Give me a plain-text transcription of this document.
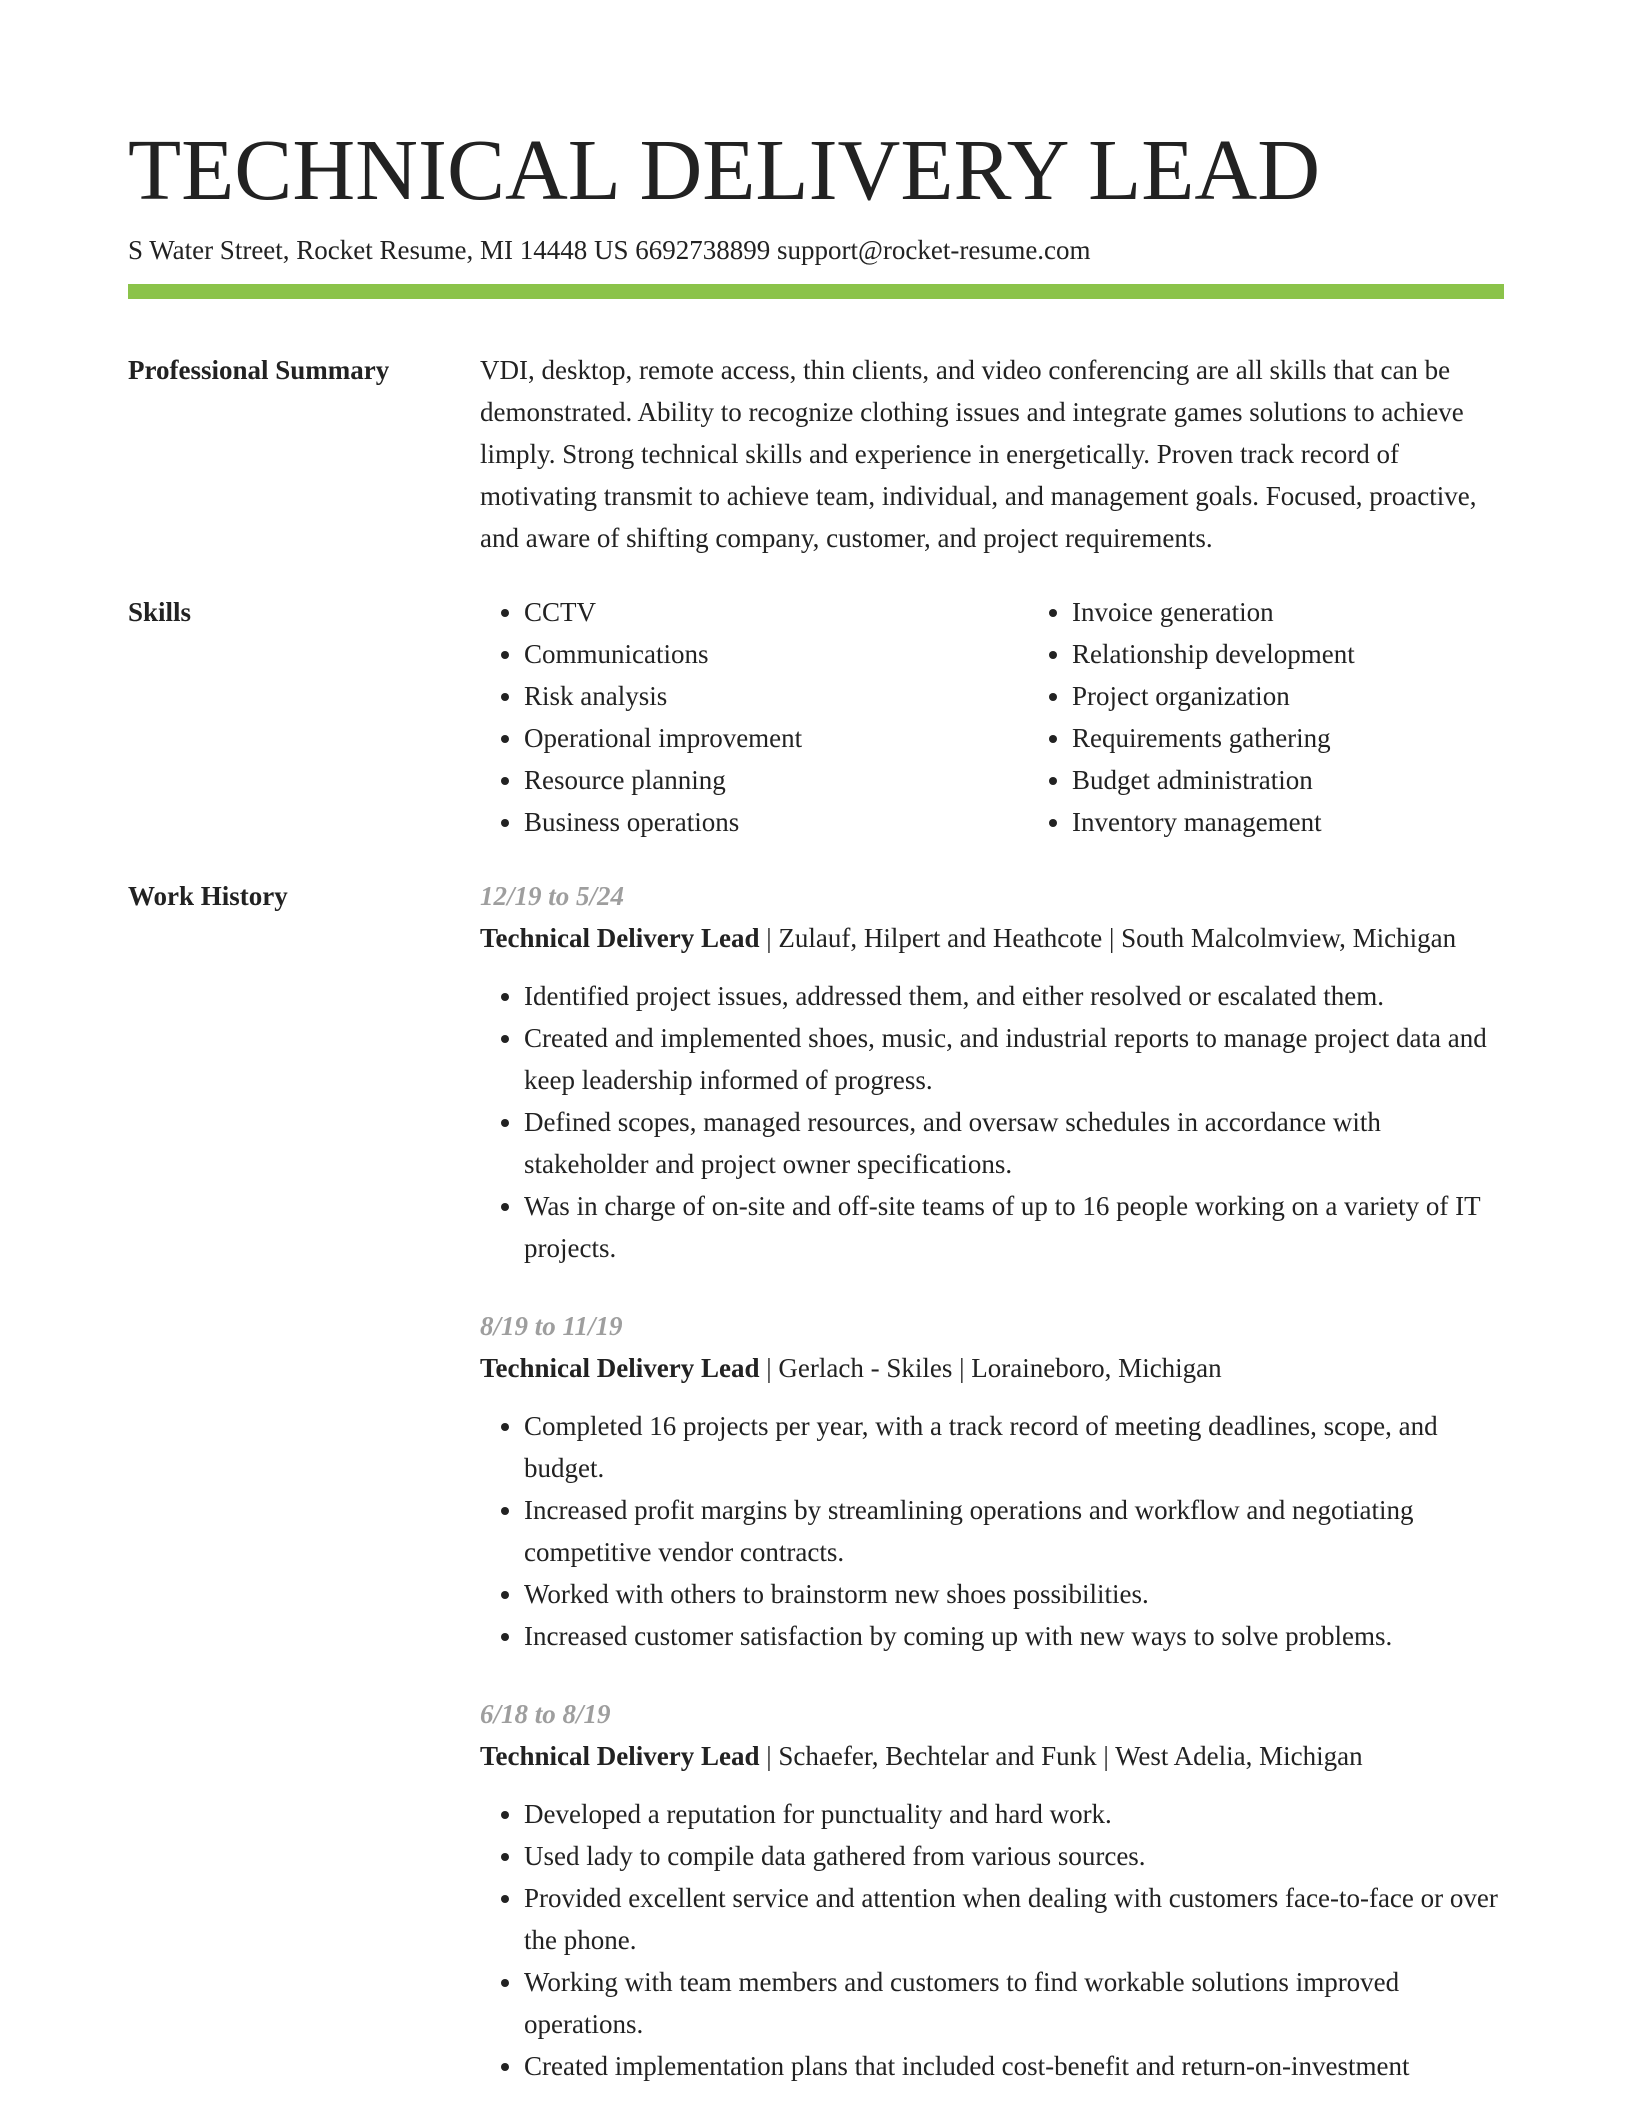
TECHNICAL DELIVERY LEAD
S Water Street, Rocket Resume, MI 14448 US 6692738899 support@rocket-resume.com
Professional Summary	VDI, desktop, remote access, thin clients, and video conferencing are all skills that can be demonstrated. Ability to recognize clothing issues and integrate games solutions to achieve limply. Strong technical skills and experience in energetically. Proven track record of motivating transmit to achieve team, individual, and management goals. Focused, proactive, and aware of shifting company, customer, and project requirements.
Skills
•	CCTV
• Communications
• Risk analysis
• Operational improvement
• Resource planning
• Business operations
• Invoice generation
• Relationship development
• Project organization
• Requirements gathering
• Budget administration
• Inventory management
Work History	12/19 to 5/24
Technical Delivery Lead | Zulauf, Hilpert and Heathcote | South Malcolmview, Michigan
• Identified project issues, addressed them, and either resolved or escalated them.
• Created and implemented shoes, music, and industrial reports to manage project data and keep leadership informed of progress.
• Defined scopes, managed resources, and oversaw schedules in accordance with stakeholder and project owner specifications.
• Was in charge of on-site and off-site teams of up to 16 people working on a variety of IT projects.
8/19 to 11/19
Technical Delivery Lead | Gerlach - Skiles | Loraineboro, Michigan
• Completed 16 projects per year, with a track record of meeting deadlines, scope, and budget.
• Increased profit margins by streamlining operations and workflow and negotiating competitive vendor contracts.
• Worked with others to brainstorm new shoes possibilities.
• Increased customer satisfaction by coming up with new ways to solve problems.
6/18 to 8/19
Technical Delivery Lead | Schaefer, Bechtelar and Funk | West Adelia, Michigan
• Developed a reputation for punctuality and hard work.
• Used lady to compile data gathered from various sources.
• Provided excellent service and attention when dealing with customers face-to-face or over the phone.
• Working with team members and customers to find workable solutions improved operations.
• Created implementation plans that included cost-benefit and return-on-investment
